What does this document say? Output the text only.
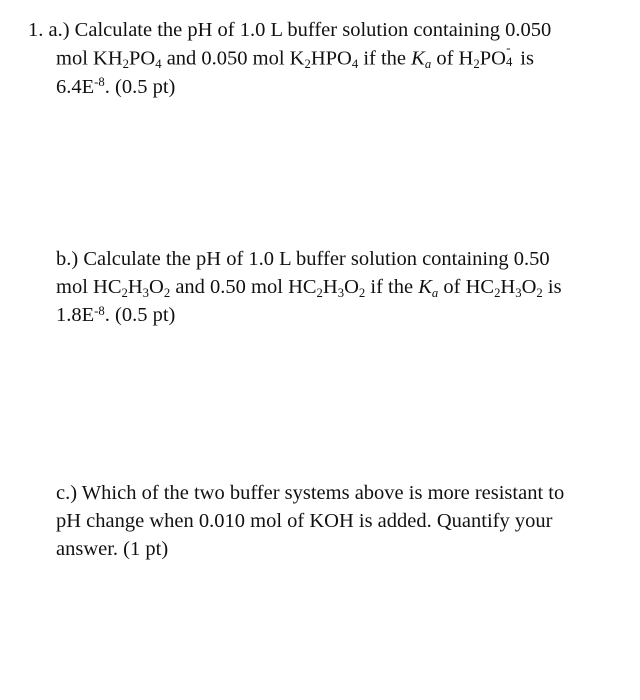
1. a.) Calculate the pH of 1.0 L buffer solution containing 0.050
mol $KH_2PO_4$ and 0.050 mol $K_2HPO_4$ if the $K_a$ of $H_2PO$ -
4 is
$6.4E^{-8}$. (0.5 pt)

b.) Calculate the pH of 1.0 L buffer solution containing 0.50
mol $HC_2H_3O_2$ and 0.50 mol $HC_2H_3O_2$ if the $K_a$ of $HC_2H_3O_2$ is
$1.8E^{-8}$. (0.5 pt)

c.) Which of the two buffer systems above is more resistant to
pH change when 0.010 mol of KOH is added. Quantify your
answer. (1 pt)
